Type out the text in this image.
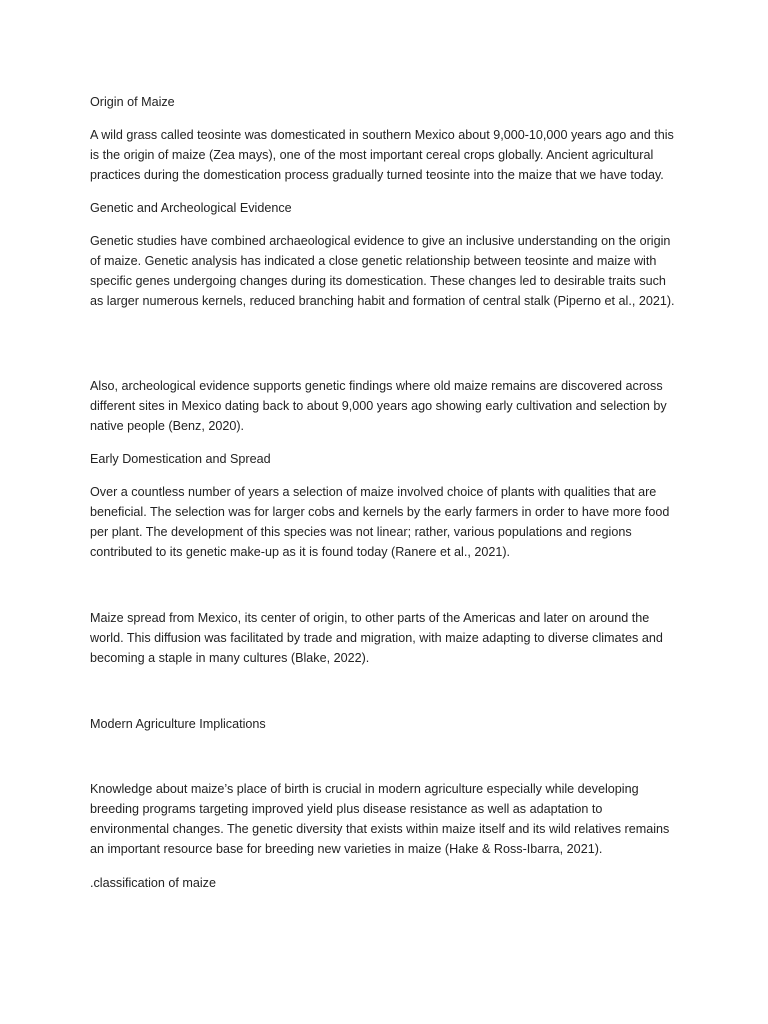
Origin of Maize

A wild grass called teosinte was domesticated in southern Mexico about 9,000-10,000 years ago and this is the origin of maize (Zea mays), one of the most important cereal crops globally. Ancient agricultural practices during the domestication process gradually turned teosinte into the maize that we have today.

Genetic and Archeological Evidence

Genetic studies have combined archaeological evidence to give an inclusive understanding on the origin of maize. Genetic analysis has indicated a close genetic relationship between teosinte and maize with specific genes undergoing changes during its domestication. These changes led to desirable traits such as larger numerous kernels, reduced branching habit and formation of central stalk (Piperno et al., 2021).

Also, archeological evidence supports genetic findings where old maize remains are discovered across different sites in Mexico dating back to about 9,000 years ago showing early cultivation and selection by native people (Benz, 2020).

Early Domestication and Spread

Over a countless number of years a selection of maize involved choice of plants with qualities that are beneficial. The selection was for larger cobs and kernels by the early farmers in order to have more food per plant. The development of this species was not linear; rather, various populations and regions contributed to its genetic make-up as it is found today (Ranere et al., 2021).

Maize spread from Mexico, its center of origin, to other parts of the Americas and later on around the world. This diffusion was facilitated by trade and migration, with maize adapting to diverse climates and becoming a staple in many cultures (Blake, 2022).

Modern Agriculture Implications

Knowledge about maize’s place of birth is crucial in modern agriculture especially while developing breeding programs targeting improved yield plus disease resistance as well as adaptation to environmental changes. The genetic diversity that exists within maize itself and its wild relatives remains an important resource base for breeding new varieties in maize (Hake & Ross-Ibarra, 2021).

.classification of maize
